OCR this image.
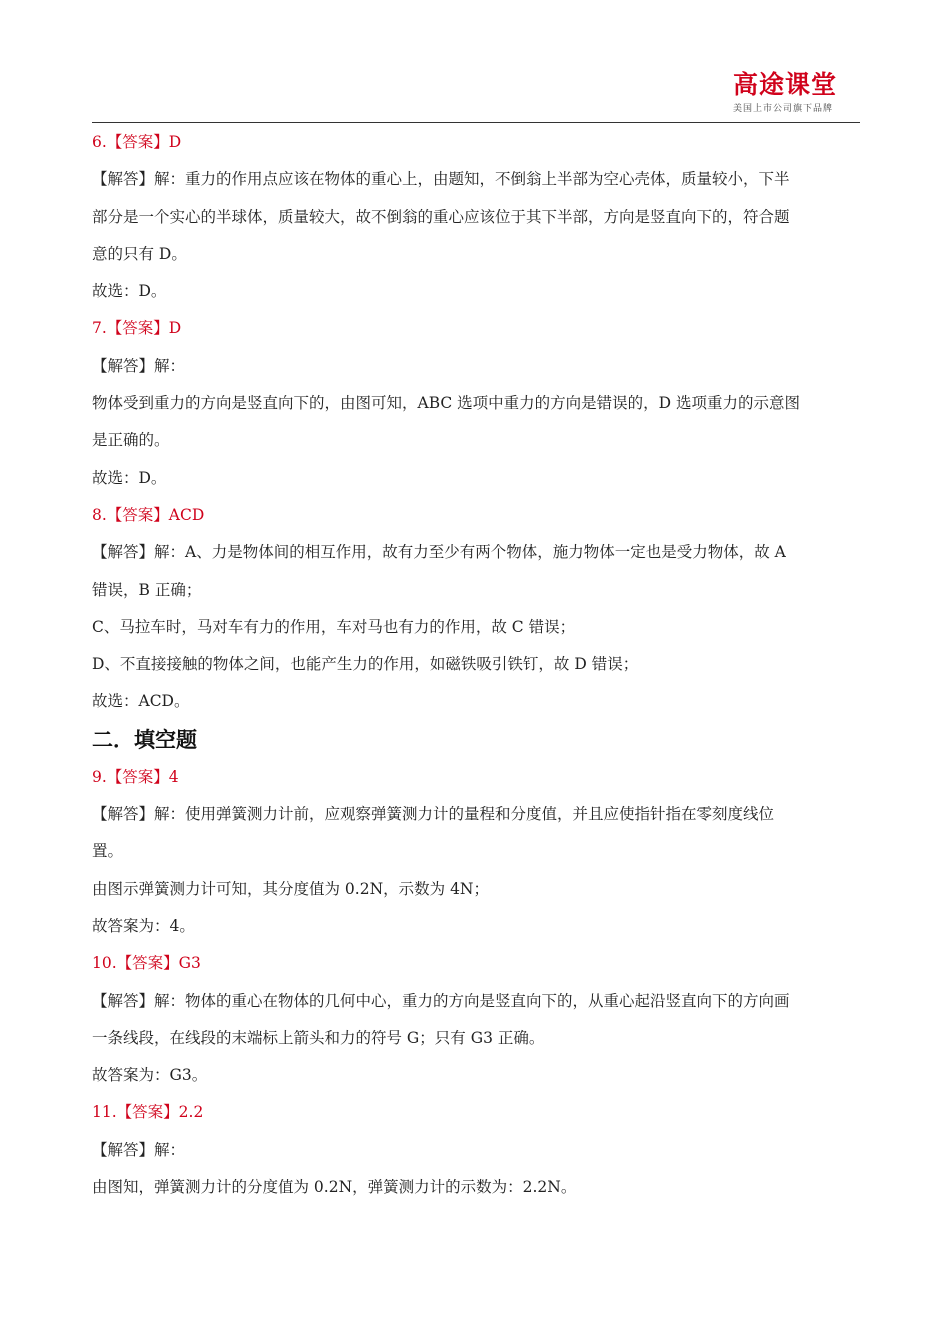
高途课堂
美国上市公司旗下品牌
6.【答案】D
【解答】解：重力的作用点应该在物体的重心上，由题知，不倒翁上半部为空心壳体，质量较小，下半
部分是一个实心的半球体，质量较大，故不倒翁的重心应该位于其下半部，方向是竖直向下的，符合题
意的只有 D。
故选：D。
7.【答案】D
【解答】解：
物体受到重力的方向是竖直向下的，由图可知，ABC 选项中重力的方向是错误的，D 选项重力的示意图
是正确的。
故选：D。
8.【答案】ACD
【解答】解：A、力是物体间的相互作用，故有力至少有两个物体，施力物体一定也是受力物体，故 A
错误，B 正确；
C、马拉车时，马对车有力的作用，车对马也有力的作用，故 C 错误；
D、不直接接触的物体之间，也能产生力的作用，如磁铁吸引铁钉，故 D 错误；
故选：ACD。
二．填空题
9.【答案】4
【解答】解：使用弹簧测力计前，应观察弹簧测力计的量程和分度值，并且应使指针指在零刻度线位
置。
由图示弹簧测力计可知，其分度值为 0.2N，示数为 4N；
故答案为：4。
10.【答案】G3
【解答】解：物体的重心在物体的几何中心，重力的方向是竖直向下的，从重心起沿竖直向下的方向画
一条线段，在线段的末端标上箭头和力的符号 G；只有 G3 正确。
故答案为：G3。
11.【答案】2.2
【解答】解：
由图知，弹簧测力计的分度值为 0.2N，弹簧测力计的示数为：2.2N。
